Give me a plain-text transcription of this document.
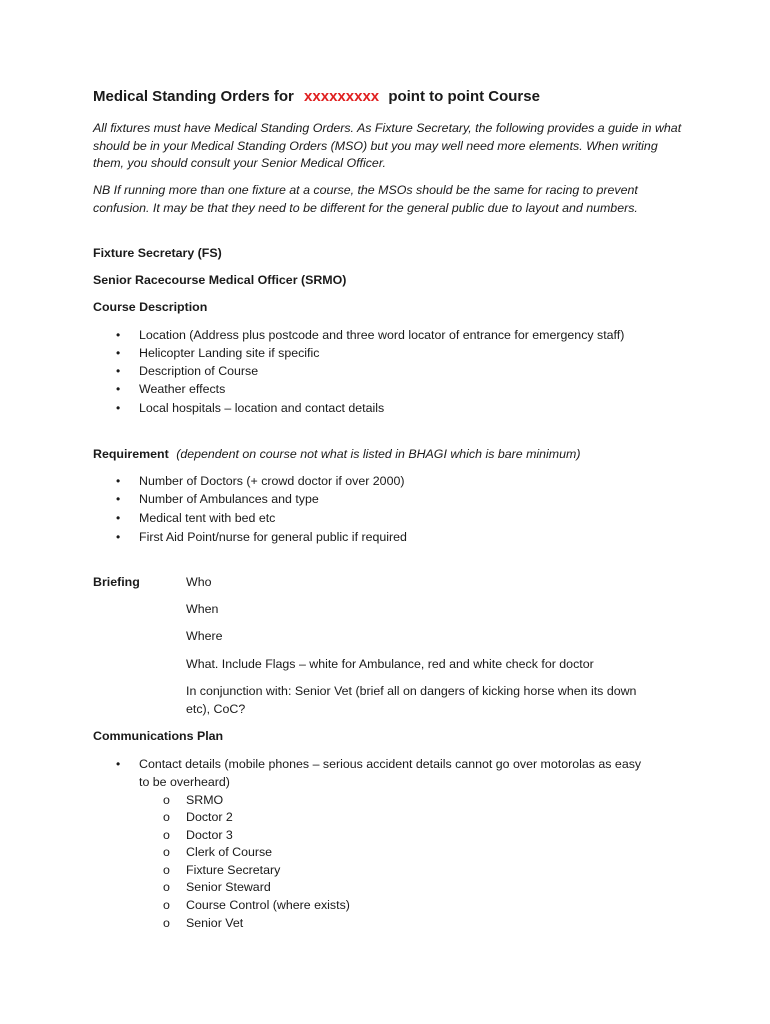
Medical Standing Orders for xxxxxxxxx point to point Course
All fixtures must have Medical Standing Orders. As Fixture Secretary, the following provides a guide in what should be in your Medical Standing Orders (MSO) but you may well need more elements. When writing them, you should consult your Senior Medical Officer.
NB If running more than one fixture at a course, the MSOs should be the same for racing to prevent confusion. It may be that they need to be different for the general public due to layout and numbers.
Fixture Secretary (FS)
Senior Racecourse Medical Officer (SRMO)
Course Description
• Location (Address plus postcode and three word locator of entrance for emergency staff)
• Helicopter Landing site if specific
• Description of Course
• Weather effects
• Local hospitals – location and contact details
Requirement (dependent on course not what is listed in BHAGI which is bare minimum)
• Number of Doctors (+ crowd doctor if over 2000)
• Number of Ambulances and type
• Medical tent with bed etc
• First Aid Point/nurse for general public if required
Briefing	Who
When
Where
What. Include Flags – white for Ambulance, red and white check for doctor
In conjunction with: Senior Vet (brief all on dangers of kicking horse when its down
etc), CoC?
Communications Plan
• Contact details (mobile phones – serious accident details cannot go over motorolas as easy
to be overheard)
o SRMO
o Doctor 2
o Doctor 3
o Clerk of Course
o Fixture Secretary
o Senior Steward
o Course Control (where exists)
o Senior Vet
